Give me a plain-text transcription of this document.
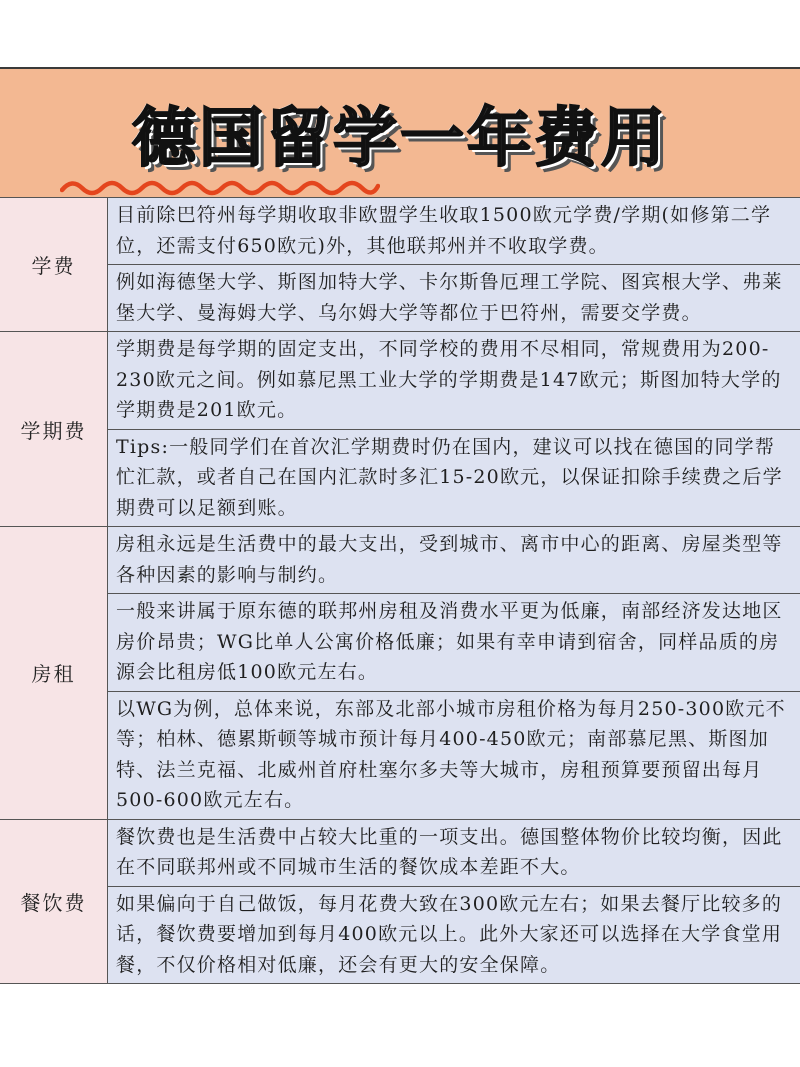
德国留学一年费用
学费
目前除巴符州每学期收取非欧盟学生收取1500欧元学费/学期(如修第二学位，还需支付650欧元)外，其他联邦州并不收取学费。
例如海德堡大学、斯图加特大学、卡尔斯鲁厄理工学院、图宾根大学、弗莱堡大学、曼海姆大学、乌尔姆大学等都位于巴符州，需要交学费。
学期费
学期费是每学期的固定支出，不同学校的费用不尽相同，常规费用为200-230欧元之间。例如慕尼黑工业大学的学期费是147欧元；斯图加特大学的学期费是201欧元。
Tips:一般同学们在首次汇学期费时仍在国内，建议可以找在德国的同学帮忙汇款，或者自己在国内汇款时多汇15-20欧元，以保证扣除手续费之后学期费可以足额到账。
房租
房租永远是生活费中的最大支出，受到城市、离市中心的距离、房屋类型等各种因素的影响与制约。
一般来讲属于原东德的联邦州房租及消费水平更为低廉，南部经济发达地区房价昂贵；WG比单人公寓价格低廉；如果有幸申请到宿舍，同样品质的房源会比租房低100欧元左右。
以WG为例，总体来说，东部及北部小城市房租价格为每月250-300欧元不等；柏林、德累斯顿等城市预计每月400-450欧元；南部慕尼黑、斯图加特、法兰克福、北威州首府杜塞尔多夫等大城市，房租预算要预留出每月500-600欧元左右。
餐饮费
餐饮费也是生活费中占较大比重的一项支出。德国整体物价比较均衡，因此在不同联邦州或不同城市生活的餐饮成本差距不大。
如果偏向于自己做饭，每月花费大致在300欧元左右；如果去餐厅比较多的话，餐饮费要增加到每月400欧元以上。此外大家还可以选择在大学食堂用餐，不仅价格相对低廉，还会有更大的安全保障。
